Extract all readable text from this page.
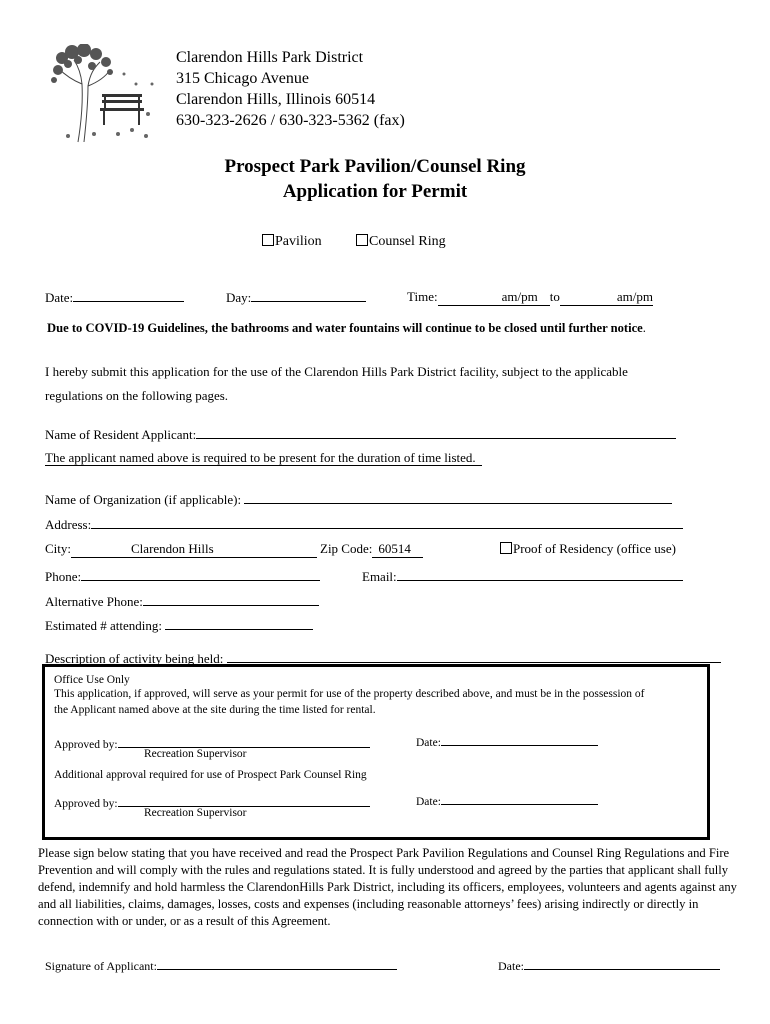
Clarendon Hills Park District
315 Chicago Avenue
Clarendon Hills, Illinois 60514
630-323-2626 / 630-323-5362 (fax)
Prospect Park Pavilion/Counsel Ring
Application for Permit
Pavilion	Counsel Ring
Date:	Day:	Time:	am/pm to	am/pm
Due to COVID-19 Guidelines, the bathrooms and water fountains will continue to be closed until further notice.
I hereby submit this application for the use of the Clarendon Hills Park District facility, subject to the applicable
regulations on the following pages.
Name of Resident Applicant:
The applicant named above is required to be present for the duration of time listed.
Name of Organization (if applicable):
Address:
City:	Clarendon Hills	Zip Code: 60514	Proof of Residency (office use)
Phone:	Email:
Alternative Phone:
Estimated # attending:
Description of activity being held:
Office Use Only
This application, if approved, will serve as your permit for use of the property described above, and must be in the possession of
the Applicant named above at the site during the time listed for rental.
Approved by:	Date:
Recreation Supervisor
Additional approval required for use of Prospect Park Counsel Ring
Approved by:	Date:
Recreation Supervisor
Please sign below stating that you have received and read the Prospect Park Pavilion Regulations and Counsel Ring Regulations and Fire Prevention and will comply with the rules and regulations stated. It is fully understood and agreed by the parties that applicant shall fully defend, indemnify and hold harmless the ClarendonHills Park District, including its officers, employees, volunteers and agents against any and all liabilities, claims, damages, losses, costs and expenses (including reasonable attorneys’ fees) arising indirectly or directly in connection with or under, or as a result of this Agreement.
Signature of Applicant:	Date:
